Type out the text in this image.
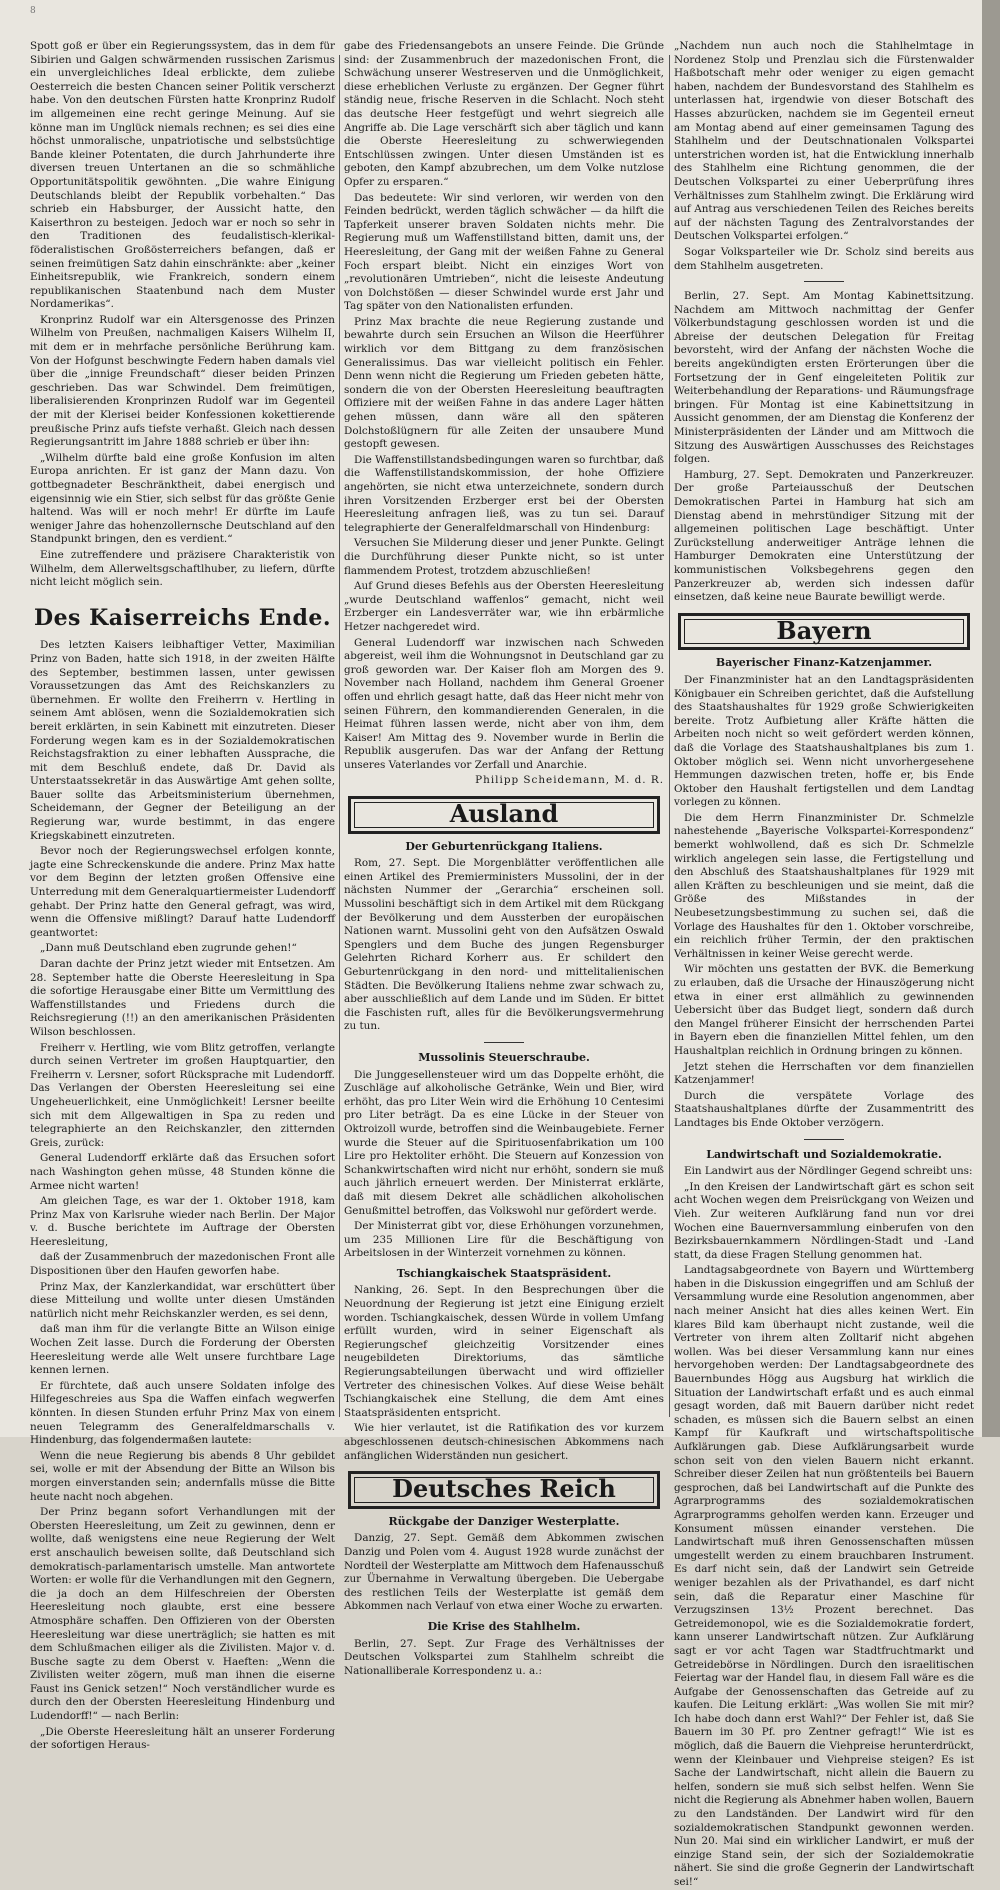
8

Spott goß er über ein Regierungssystem, das in dem für Sibirien und Galgen schwärmenden russischen Zarismus ein unvergleichliches Ideal erblickte, dem zuliebe Oesterreich die besten Chancen seiner Politik verscherzt habe. Von den deutschen Fürsten hatte Kronprinz Rudolf im allgemeinen eine recht geringe Meinung. Auf sie könne man im Unglück niemals rechnen; es sei dies eine höchst unmoralische, unpatriotische und selbstsüchtige Bande kleiner Potentaten, die durch Jahrhunderte ihre diversen treuen Untertanen an die so schmähliche Opportunitätspolitik gewöhnten. „Die wahre Einigung Deutschlands bleibt der Republik vorbehalten.“ Das schrieb ein Habsburger, der Aussicht hatte, den Kaiserthron zu besteigen. Jedoch war er noch so sehr in den Traditionen des feudalistisch-klerikal-föderalistischen Großösterreichers befangen, daß er seinen freimütigen Satz dahin einschränkte: aber „keiner Einheitsrepublik, wie Frankreich, sondern einem republikanischen Staatenbund nach dem Muster Nordamerikas“.

Kronprinz Rudolf war ein Altersgenosse des Prinzen Wilhelm von Preußen, nachmaligen Kaisers Wilhelm II, mit dem er in mehrfache persönliche Berührung kam. Von der Hofgunst beschwingte Federn haben damals viel über die „innige Freundschaft“ dieser beiden Prinzen geschrieben. Das war Schwindel. Dem freimütigen, liberalisierenden Kronprinzen Rudolf war im Gegenteil der mit der Klerisei beider Konfessionen kokettierende preußische Prinz aufs tiefste verhaßt. Gleich nach dessen Regierungsantritt im Jahre 1888 schrieb er über ihn:

„Wilhelm dürfte bald eine große Konfusion im alten Europa anrichten. Er ist ganz der Mann dazu. Von gottbegnadeter Beschränktheit, dabei energisch und eigensinnig wie ein Stier, sich selbst für das größte Genie haltend. Was will er noch mehr! Er dürfte im Laufe weniger Jahre das hohenzollernsche Deutschland auf den Standpunkt bringen, den es verdient.“

Eine zutreffendere und präzisere Charakteristik von Wilhelm, dem Allerweltsgschaftlhuber, zu liefern, dürfte nicht leicht möglich sein.

Des Kaiserreichs Ende.

Des letzten Kaisers leibhaftiger Vetter, Maximilian Prinz von Baden, hatte sich 1918, in der zweiten Hälfte des September, bestimmen lassen, unter gewissen Voraussetzungen das Amt des Reichskanzlers zu übernehmen. Er wollte den Freiherrn v. Hertling in seinem Amt ablösen, wenn die Sozialdemokratien sich bereit erklärten, in sein Kabinett mit einzutreten. Dieser Forderung wegen kam es in der Sozialdemokratischen Reichstagsfraktion zu einer lebhaften Aussprache, die mit dem Beschluß endete, daß Dr. David als Unterstaatssekretär in das Auswärtige Amt gehen sollte, Bauer sollte das Arbeitsministerium übernehmen, Scheidemann, der Gegner der Beteiligung an der Regierung war, wurde bestimmt, in das engere Kriegskabinett einzutreten.

Bevor noch der Regierungswechsel erfolgen konnte, jagte eine Schreckenskunde die andere. Prinz Max hatte vor dem Beginn der letzten großen Offensive eine Unterredung mit dem Generalquartiermeister Ludendorff gehabt. Der Prinz hatte den General gefragt, was wird, wenn die Offensive mißlingt? Darauf hatte Ludendorff geantwortet:

„Dann muß Deutschland eben zugrunde gehen!“

Daran dachte der Prinz jetzt wieder mit Entsetzen. Am 28. September hatte die Oberste Heeresleitung in Spa die sofortige Herausgabe einer Bitte um Vermittlung des Waffenstillstandes und Friedens durch die Reichsregierung (!!) an den amerikanischen Präsidenten Wilson beschlossen.

Freiherr v. Hertling, wie vom Blitz getroffen, verlangte durch seinen Vertreter im großen Hauptquartier, den Freiherrn v. Lersner, sofort Rücksprache mit Ludendorff. Das Verlangen der Obersten Heeresleitung sei eine Ungeheuerlichkeit, eine Unmöglichkeit! Lersner beeilte sich mit dem Allgewaltigen in Spa zu reden und telegraphierte an den Reichskanzler, den zitternden Greis, zurück:

General Ludendorff erklärte daß das Ersuchen sofort nach Washington gehen müsse, 48 Stunden könne die Armee nicht warten!

Am gleichen Tage, es war der 1. Oktober 1918, kam Prinz Max von Karlsruhe wieder nach Berlin. Der Major v. d. Busche berichtete im Auftrage der Obersten Heeresleitung,

daß der Zusammenbruch der mazedonischen Front alle Dispositionen über den Haufen geworfen habe.

Prinz Max, der Kanzlerkandidat, war erschüttert über diese Mitteilung und wollte unter diesen Umständen natürlich nicht mehr Reichskanzler werden, es sei denn,

daß man ihm für die verlangte Bitte an Wilson einige Wochen Zeit lasse. Durch die Forderung der Obersten Heeresleitung werde alle Welt unsere furchtbare Lage kennen lernen.

Er fürchtete, daß auch unsere Soldaten infolge des Hilfegeschreies aus Spa die Waffen einfach wegwerfen könnten. In diesen Stunden erfuhr Prinz Max von einem neuen Telegramm des Generalfeldmarschalls v. Hindenburg, das folgendermaßen lautete:

Wenn die neue Regierung bis abends 8 Uhr gebildet sei, wolle er mit der Absendung der Bitte an Wilson bis morgen einverstanden sein; andernfalls müsse die Bitte heute nacht noch abgehen.

Der Prinz begann sofort Verhandlungen mit der Obersten Heeresleitung, um Zeit zu gewinnen, denn er wollte, daß wenigstens eine neue Regierung der Welt erst anschaulich beweisen sollte, daß Deutschland sich demokratisch-parlamentarisch umstelle. Man antwortete Worten: er wolle für die Verhandlungen mit den Gegnern, die ja doch an dem Hilfeschreien der Obersten Heeresleitung noch glaubte, erst eine bessere Atmosphäre schaffen. Den Offizieren von der Obersten Heeresleitung war diese unerträglich; sie hatten es mit dem Schlußmachen eiliger als die Zivilisten. Major v. d. Busche sagte zu dem Oberst v. Haeften: „Wenn die Zivilisten weiter zögern, muß man ihnen die eiserne Faust ins Genick setzen!“ Noch verständlicher wurde es durch den der Obersten Heeresleitung Hindenburg und Ludendorff!“ — nach Berlin:

„Die Oberste Heeresleitung hält an unserer Forderung der sofortigen Heraus-

gabe des Friedensangebots an unsere Feinde. Die Gründe sind: der Zusammenbruch der mazedonischen Front, die Schwächung unserer Westreserven und die Unmöglichkeit, diese erheblichen Verluste zu ergänzen. Der Gegner führt ständig neue, frische Reserven in die Schlacht. Noch steht das deutsche Heer festgefügt und wehrt siegreich alle Angriffe ab. Die Lage verschärft sich aber täglich und kann die Oberste Heeresleitung zu schwerwiegenden Entschlüssen zwingen. Unter diesen Umständen ist es geboten, den Kampf abzubrechen, um dem Volke nutzlose Opfer zu ersparen.“

Das bedeutete: Wir sind verloren, wir werden von den Feinden bedrückt, werden täglich schwächer — da hilft die Tapferkeit unserer braven Soldaten nichts mehr. Die Regierung muß um Waffenstillstand bitten, damit uns, der Heeresleitung, der Gang mit der weißen Fahne zu General Foch erspart bleibt. Nicht ein einziges Wort von „revolutionären Umtrieben“, nicht die leiseste Andeutung von Dolchstößen — dieser Schwindel wurde erst Jahr und Tag später von den Nationalisten erfunden.

Prinz Max brachte die neue Regierung zustande und bewahrte durch sein Ersuchen an Wilson die Heerführer wirklich vor dem Bittgang zu dem französischen Generalissimus. Das war vielleicht politisch ein Fehler. Denn wenn nicht die Regierung um Frieden gebeten hätte, sondern die von der Obersten Heeresleitung beauftragten Offiziere mit der weißen Fahne in das andere Lager hätten gehen müssen, dann wäre all den späteren Dolchstoßlügnern für alle Zeiten der unsaubere Mund gestopft gewesen.

Die Waffenstillstandsbedingungen waren so furchtbar, daß die Waffenstillstandskommission, der hohe Offiziere angehörten, sie nicht etwa unterzeichnete, sondern durch ihren Vorsitzenden Erzberger erst bei der Obersten Heeresleitung anfragen ließ, was zu tun sei. Darauf telegraphierte der Generalfeldmarschall von Hindenburg:

Versuchen Sie Milderung dieser und jener Punkte. Gelingt die Durchführung dieser Punkte nicht, so ist unter flammendem Protest, trotzdem abzuschließen!

Auf Grund dieses Befehls aus der Obersten Heeresleitung „wurde Deutschland waffenlos“ gemacht, nicht weil Erzberger ein Landesverräter war, wie ihn erbärmliche Hetzer nachgeredet wird.

General Ludendorff war inzwischen nach Schweden abgereist, weil ihm die Wohnungsnot in Deutschland gar zu groß geworden war. Der Kaiser floh am Morgen des 9. November nach Holland, nachdem ihm General Groener offen und ehrlich gesagt hatte, daß das Heer nicht mehr von seinen Führern, den kommandierenden Generalen, in die Heimat führen lassen werde, nicht aber von ihm, dem Kaiser! Am Mittag des 9. November wurde in Berlin die Republik ausgerufen. Das war der Anfang der Rettung unseres Vaterlandes vor Zerfall und Anarchie.

Philipp Scheidemann, M. d. R.
Ausland
Der Geburtenrückgang Italiens.

Rom, 27. Sept. Die Morgenblätter veröffentlichen alle einen Artikel des Premierministers Mussolini, der in der nächsten Nummer der „Gerarchia“ erscheinen soll. Mussolini beschäftigt sich in dem Artikel mit dem Rückgang der Bevölkerung und dem Aussterben der europäischen Nationen warnt. Mussolini geht von den Aufsätzen Oswald Spenglers und dem Buche des jungen Regensburger Gelehrten Richard Korherr aus. Er schildert den Geburtenrückgang in den nord- und mittelitalienischen Städten. Die Bevölkerung Italiens nehme zwar schwach zu, aber ausschließlich auf dem Lande und im Süden. Er bittet die Faschisten ruft, alles für die Bevölkerungsvermehrung zu tun.

Mussolinis Steuerschraube.

Die Junggesellensteuer wird um das Doppelte erhöht, die Zuschläge auf alkoholische Getränke, Wein und Bier, wird erhöht, das pro Liter Wein wird die Erhöhung 10 Centesimi pro Liter beträgt. Da es eine Lücke in der Steuer von Oktroizoll wurde, betroffen sind die Weinbaugebiete. Ferner wurde die Steuer auf die Spirituosenfabrikation um 100 Lire pro Hektoliter erhöht. Die Steuern auf Konzession von Schankwirtschaften wird nicht nur erhöht, sondern sie muß auch jährlich erneuert werden. Der Ministerrat erklärte, daß mit diesem Dekret alle schädlichen alkoholischen Genußmittel betroffen, das Volkswohl nur gefördert werde.

Der Ministerrat gibt vor, diese Erhöhungen vorzunehmen, um 235 Millionen Lire für die Beschäftigung von Arbeitslosen in der Winterzeit vornehmen zu können.

Tschiangkaischek Staatspräsident.

Nanking, 26. Sept. In den Besprechungen über die Neuordnung der Regierung ist jetzt eine Einigung erzielt worden. Tschiangkaischek, dessen Würde in vollem Umfang erfüllt wurden, wird in seiner Eigenschaft als Regierungschef gleichzeitig Vorsitzender eines neugebildeten Direktoriums, das sämtliche Regierungsabteilungen überwacht und wird offizieller Vertreter des chinesischen Volkes. Auf diese Weise behält Tschiangkaischek eine Stellung, die dem Amt eines Staatspräsidenten entspricht.

Wie hier verlautet, ist die Ratifikation des vor kurzem abgeschlossenen deutsch-chinesischen Abkommens nach anfänglichen Widerständen nun gesichert.

Deutsches Reich
Rückgabe der Danziger Westerplatte.

Danzig, 27. Sept. Gemäß dem Abkommen zwischen Danzig und Polen vom 4. August 1928 wurde zunächst der Nordteil der Westerplatte am Mittwoch dem Hafenausschuß zur Übernahme in Verwaltung übergeben. Die Uebergabe des restlichen Teils der Westerplatte ist gemäß dem Abkommen nach Verlauf von etwa einer Woche zu erwarten.

Die Krise des Stahlhelm.

Berlin, 27. Sept. Zur Frage des Verhältnisses der Deutschen Volkspartei zum Stahlhelm schreibt die Nationalliberale Korrespondenz u. a.:

„Nachdem nun auch noch die Stahlhelmtage in Nordenez Stolp und Prenzlau sich die Fürstenwalder Haßbotschaft mehr oder weniger zu eigen gemacht haben, nachdem der Bundesvorstand des Stahlhelm es unterlassen hat, irgendwie von dieser Botschaft des Hasses abzurücken, nachdem sie im Gegenteil erneut am Montag abend auf einer gemeinsamen Tagung des Stahlhelm und der Deutschnationalen Volkspartei unterstrichen worden ist, hat die Entwicklung innerhalb des Stahlhelm eine Richtung genommen, die der Deutschen Volkspartei zu einer Ueberprüfung ihres Verhältnisses zum Stahlhelm zwingt. Die Erklärung wird auf Antrag aus verschiedenen Teilen des Reiches bereits auf der nächsten Tagung des Zentralvorstandes der Deutschen Volkspartei erfolgen.“

Sogar Volksparteiler wie Dr. Scholz sind bereits aus dem Stahlhelm ausgetreten.

Berlin, 27. Sept. Am Montag Kabinettsitzung. Nachdem am Mittwoch nachmittag der Genfer Völkerbundstagung geschlossen worden ist und die Abreise der deutschen Delegation für Freitag bevorsteht, wird der Anfang der nächsten Woche die bereits angekündigten ersten Erörterungen über die Fortsetzung der in Genf eingeleiteten Politik zur Weiterbehandlung der Reparations- und Räumungsfrage bringen. Für Montag ist eine Kabinettsitzung in Aussicht genommen, der am Dienstag die Konferenz der Ministerpräsidenten der Länder und am Mittwoch die Sitzung des Auswärtigen Ausschusses des Reichstages folgen.

Hamburg, 27. Sept. Demokraten und Panzerkreuzer. Der große Parteiausschuß der Deutschen Demokratischen Partei in Hamburg hat sich am Dienstag abend in mehrstündiger Sitzung mit der allgemeinen politischen Lage beschäftigt. Unter Zurückstellung anderweitiger Anträge lehnen die Hamburger Demokraten eine Unterstützung der kommunistischen Volksbegehrens gegen den Panzerkreuzer ab, werden sich indessen dafür einsetzen, daß keine neue Baurate bewilligt werde.

Bayern
Bayerischer Finanz-Katzenjammer.

Der Finanzminister hat an den Landtagspräsidenten Königbauer ein Schreiben gerichtet, daß die Aufstellung des Staatshaushaltes für 1929 große Schwierigkeiten bereite. Trotz Aufbietung aller Kräfte hätten die Arbeiten noch nicht so weit gefördert werden können, daß die Vorlage des Staatshaushaltplanes bis zum 1. Oktober möglich sei. Wenn nicht unvorhergesehene Hemmungen dazwischen treten, hoffe er, bis Ende Oktober den Haushalt fertigstellen und dem Landtag vorlegen zu können.

Die dem Herrn Finanzminister Dr. Schmelzle nahestehende „Bayerische Volkspartei-Korrespondenz“ bemerkt wohlwollend, daß es sich Dr. Schmelzle wirklich angelegen sein lasse, die Fertigstellung und den Abschluß des Staatshaushaltplanes für 1929 mit allen Kräften zu beschleunigen und sie meint, daß die Größe des Mißstandes in der Neubesetzungsbestimmung zu suchen sei, daß die Vorlage des Haushaltes für den 1. Oktober vorschreibe, ein reichlich früher Termin, der den praktischen Verhältnissen in keiner Weise gerecht werde.

Wir möchten uns gestatten der BVK. die Bemerkung zu erlauben, daß die Ursache der Hinauszögerung nicht etwa in einer erst allmählich zu gewinnenden Uebersicht über das Budget liegt, sondern daß durch den Mangel früherer Einsicht der herrschenden Partei in Bayern eben die finanziellen Mittel fehlen, um den Haushaltplan reichlich in Ordnung bringen zu können.

Jetzt stehen die Herrschaften vor dem finanziellen Katzenjammer!

Durch die verspätete Vorlage des Staatshaushaltplanes dürfte der Zusammentritt des Landtages bis Ende Oktober verzögern.

Landwirtschaft und Sozialdemokratie.

Ein Landwirt aus der Nördlinger Gegend schreibt uns:

„In den Kreisen der Landwirtschaft gärt es schon seit acht Wochen wegen dem Preisrückgang von Weizen und Vieh. Zur weiteren Aufklärung fand nun vor drei Wochen eine Bauernversammlung einberufen von den Bezirksbauernkammern Nördlingen-Stadt und -Land statt, da diese Fragen Stellung genommen hat.

Landtagsabgeordnete von Bayern und Württemberg haben in die Diskussion eingegriffen und am Schluß der Versammlung wurde eine Resolution angenommen, aber nach meiner Ansicht hat dies alles keinen Wert. Ein klares Bild kam überhaupt nicht zustande, weil die Vertreter von ihrem alten Zolltarif nicht abgehen wollen. Was bei dieser Versammlung kann nur eines hervorgehoben werden: Der Landtagsabgeordnete des Bauernbundes Högg aus Augsburg hat wirklich die Situation der Landwirtschaft erfaßt und es auch einmal gesagt worden, daß mit Bauern darüber nicht redet schaden, es müssen sich die Bauern selbst an einen Kampf für Kaufkraft und wirtschaftspolitische Aufklärungen gab. Diese Aufklärungsarbeit wurde schon seit von den vielen Bauern nicht erkannt. Schreiber dieser Zeilen hat nun größtenteils bei Bauern gesprochen, daß bei Landwirtschaft auf die Punkte des Agrarprogramms des sozialdemokratischen Agrarprogramms geholfen werden kann. Erzeuger und Konsument müssen einander verstehen. Die Landwirtschaft muß ihren Genossenschaften müssen umgestellt werden zu einem brauchbaren Instrument. Es darf nicht sein, daß der Landwirt sein Getreide weniger bezahlen als der Privathandel, es darf nicht sein, daß die Reparatur einer Maschine für Verzugszinsen 13½ Prozent berechnet. Das Getreidemonopol, wie es die Sozialdemokratie fordert, kann unserer Landwirtschaft nützen. Zur Aufklärung sagt er vor acht Tagen war Stadtfruchtmarkt und Getreidebörse in Nördlingen. Durch den israelitischen Feiertag war der Handel flau, in diesem Fall wäre es die Aufgabe der Genossenschaften das Getreide auf zu kaufen. Die Leitung erklärt: „Was wollen Sie mit mir? Ich habe doch dann erst Wahl?“ Der Fehler ist, daß Sie Bauern im 30 Pf. pro Zentner gefragt!“ Wie ist es möglich, daß die Bauern die Viehpreise herunterdrückt, wenn der Kleinbauer und Viehpreise steigen? Es ist Sache der Landwirtschaft, nicht allein die Bauern zu helfen, sondern sie muß sich selbst helfen. Wenn Sie nicht die Regierung als Abnehmer haben wollen, Bauern zu den Landständen. Der Landwirt wird für den sozialdemokratischen Standpunkt gewonnen werden. Nun 20. Mai sind ein wirklicher Landwirt, er muß der einzige Stand sein, der sich der Sozialdemokratie nähert. Sie sind die große Gegnerin der Landwirtschaft sei!“
